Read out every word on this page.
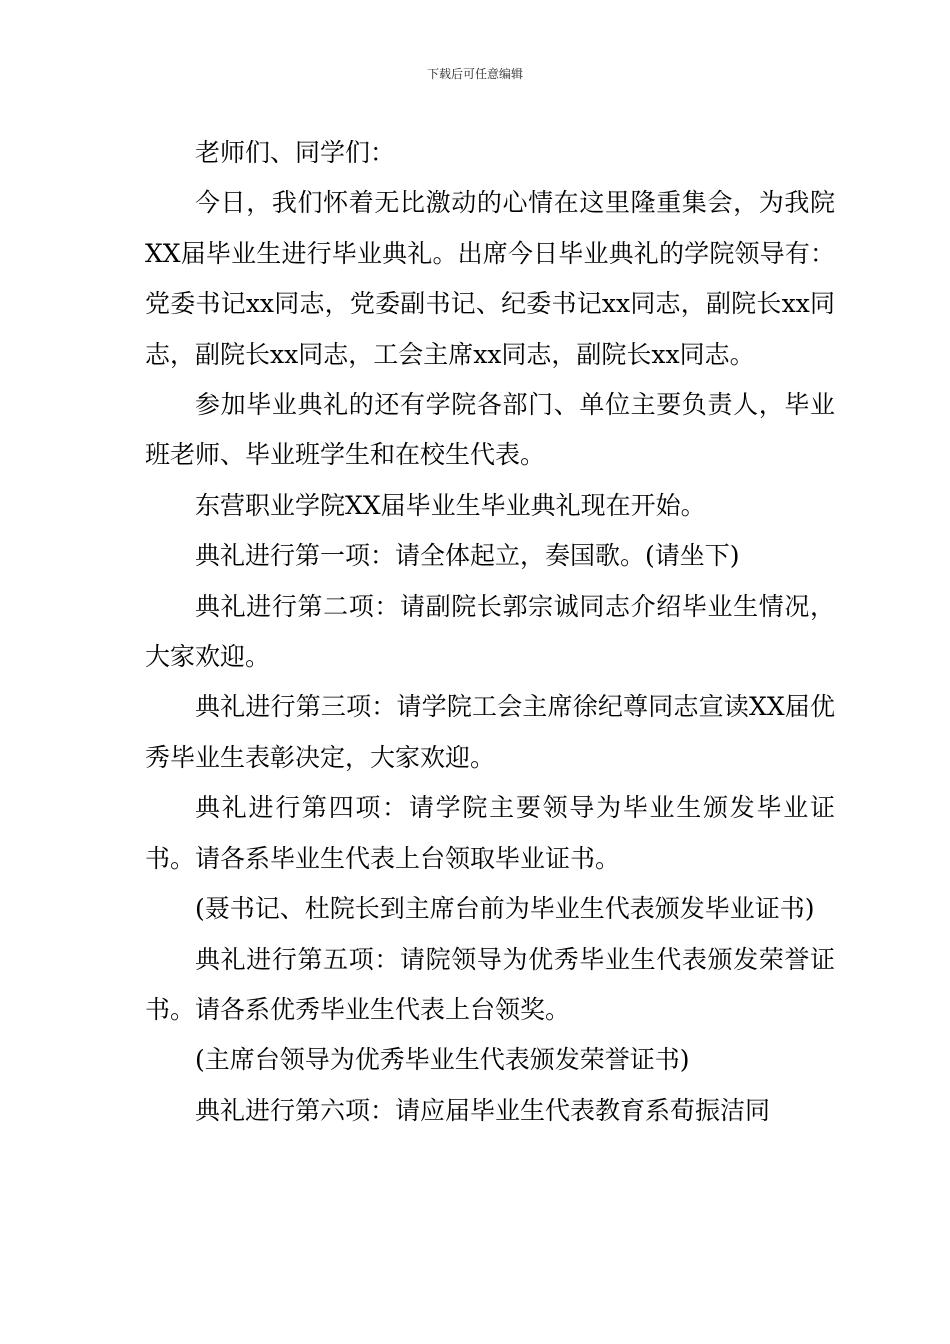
下载后可任意编辑

老师们、同学们：

今日，我们怀着无比激动的心情在这里隆重集会，为我院XX届毕业生进行毕业典礼。出席今日毕业典礼的学院领导有：党委书记xx同志，党委副书记、纪委书记xx同志，副院长xx同志，副院长xx同志，工会主席xx同志，副院长xx同志。

参加毕业典礼的还有学院各部门、单位主要负责人，毕业班老师、毕业班学生和在校生代表。

东营职业学院XX届毕业生毕业典礼现在开始。

典礼进行第一项：请全体起立，奏国歌。(请坐下)

典礼进行第二项：请副院长郭宗诚同志介绍毕业生情况，大家欢迎。

典礼进行第三项：请学院工会主席徐纪尊同志宣读XX届优秀毕业生表彰决定，大家欢迎。

典礼进行第四项：请学院主要领导为毕业生颁发毕业证书。请各系毕业生代表上台领取毕业证书。

(聂书记、杜院长到主席台前为毕业生代表颁发毕业证书)

典礼进行第五项：请院领导为优秀毕业生代表颁发荣誉证书。请各系优秀毕业生代表上台领奖。

(主席台领导为优秀毕业生代表颁发荣誉证书)

典礼进行第六项：请应届毕业生代表教育系荀振洁同
